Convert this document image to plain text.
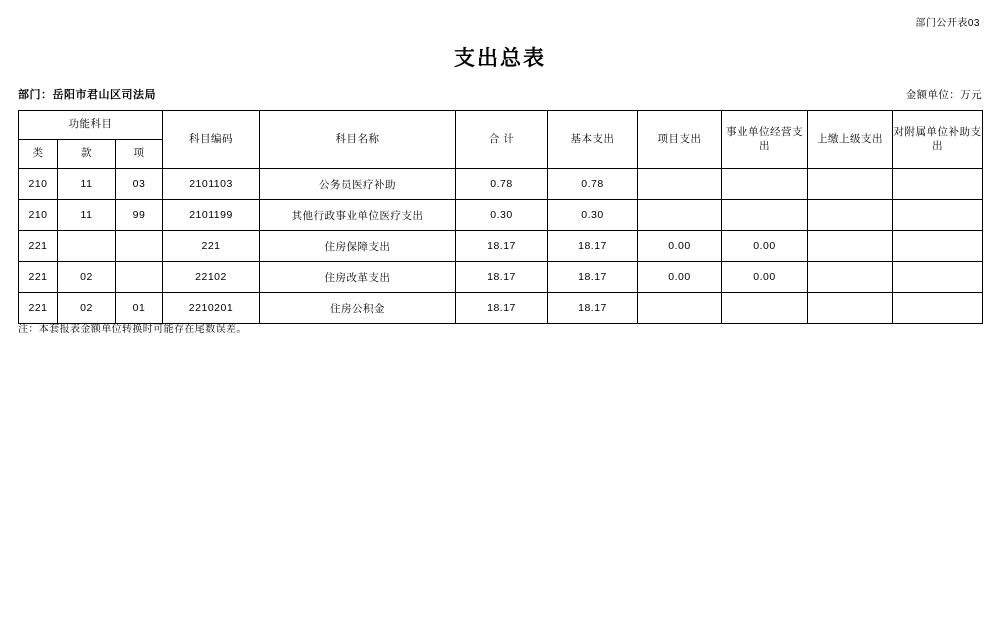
部门公开表03
支出总表
部门：岳阳市君山区司法局	金额单位：万元
功能科目			科目编码	科目名称	合 计	基本支出	项目支出	事业单位经营支出	上缴上级支出	对附属单位补助支出
类	款	项								
210	11	03	2101103	公务员医疗补助	0.78	0.78				
210	11	99	2101199	其他行政事业单位医疗支出	0.30	0.30				
221			221	住房保障支出	18.17	18.17	0.00	0.00		
221	02		22102	住房改革支出	18.17	18.17	0.00	0.00		
221	02	01	2210201	住房公积金	18.17	18.17				
注：本套报表金额单位转换时可能存在尾数误差。
